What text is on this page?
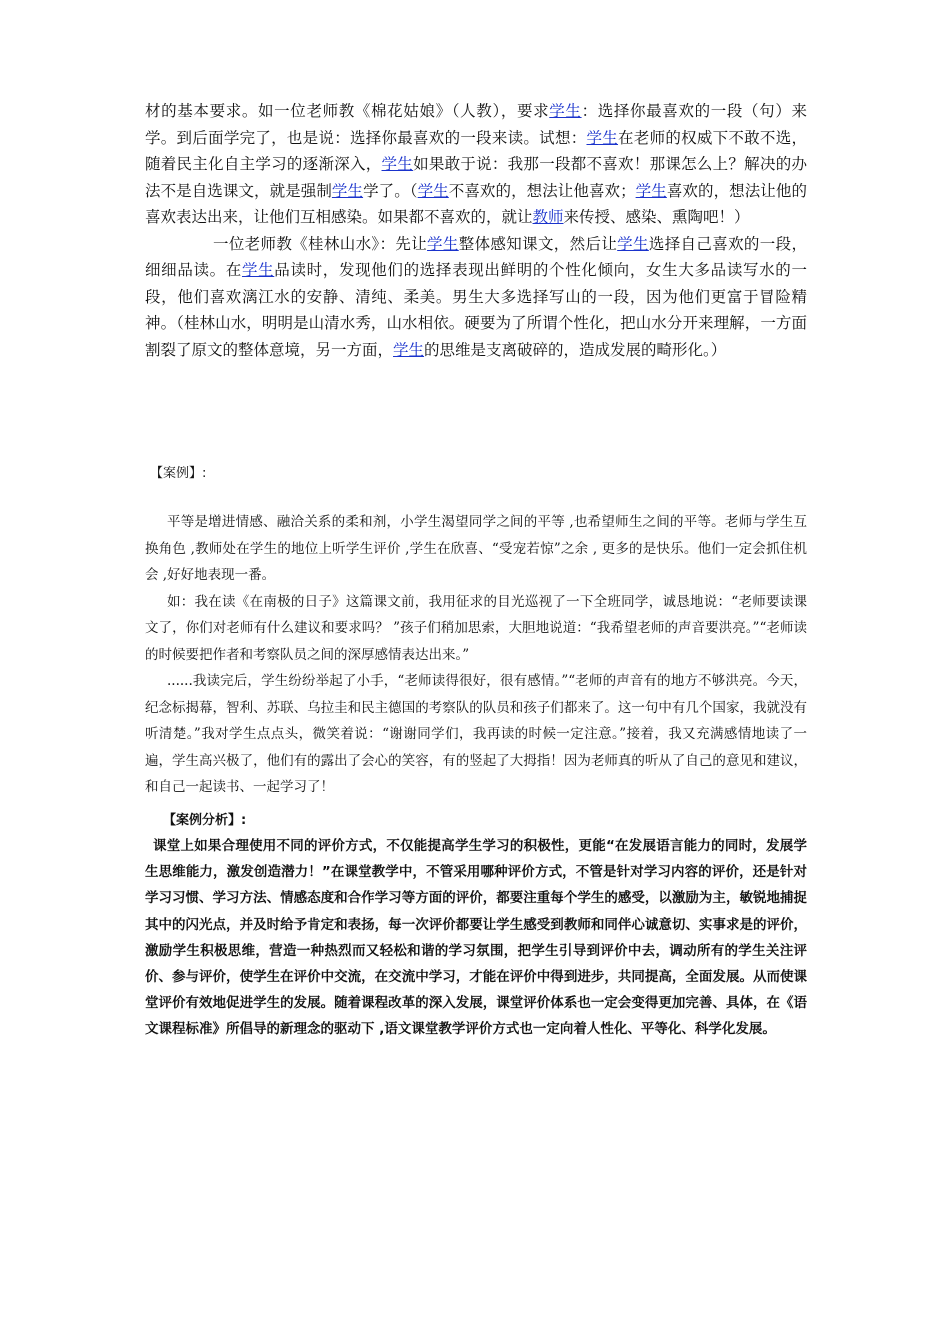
材的基本要求。如一位老师教《棉花姑娘》（人教），要求学生：选择你最喜欢的一段（句）来学。到后面学完了，也是说：选择你最喜欢的一段来读。试想：学生在老师的权威下不敢不选，随着民主化自主学习的逐渐深入，学生如果敢于说：我那一段都不喜欢！那课怎么上？解决的办法不是自选课文，就是强制学生学了。（学生不喜欢的，想法让他喜欢；学生喜欢的，想法让他的喜欢表达出来，让他们互相感染。如果都不喜欢的，就让教师来传授、感染、熏陶吧！）

一位老师教《桂林山水》：先让学生整体感知课文，然后让学生选择自己喜欢的一段，细细品读。在学生品读时，发现他们的选择表现出鲜明的个性化倾向，女生大多品读写水的一段，他们喜欢漓江水的安静、清纯、柔美。男生大多选择写山的一段，因为他们更富于冒险精神。（桂林山水，明明是山清水秀，山水相依。硬要为了所谓个性化，把山水分开来理解，一方面割裂了原文的整体意境，另一方面，学生的思维是支离破碎的，造成发展的畸形化。）

【案例】:

平等是增进情感、融洽关系的柔和剂，小学生渴望同学之间的平等 ,也希望师生之间的平等。老师与学生互换角色 ,教师处在学生的地位上听学生评价 ,学生在欣喜、“受宠若惊”之余 , 更多的是快乐。他们一定会抓住机会 ,好好地表现一番。

如：我在读《在南极的日子》这篇课文前，我用征求的目光巡视了一下全班同学，诚恳地说：“老师要读课文了，你们对老师有什么建议和要求吗？ ”孩子们稍加思索，大胆地说道：“我希望老师的声音要洪亮。”“老师读的时候要把作者和考察队员之间的深厚感情表达出来。”

......我读完后，学生纷纷举起了小手，“老师读得很好，很有感情。”“老师的声音有的地方不够洪亮。今天，纪念标揭幕，智利、苏联、乌拉圭和民主德国的考察队的队员和孩子们都来了。这一句中有几个国家，我就没有听清楚。”我对学生点点头，微笑着说：“谢谢同学们，我再读的时候一定注意。”接着，我又充满感情地读了一遍，学生高兴极了，他们有的露出了会心的笑容，有的竖起了大拇指！因为老师真的听从了自己的意见和建议，和自己一起读书、一起学习了！

【案例分析】:

课堂上如果合理使用不同的评价方式，不仅能提高学生学习的积极性，更能“在发展语言能力的同时，发展学生思维能力，激发创造潜力！”在课堂教学中，不管采用哪种评价方式，不管是针对学习内容的评价，还是针对学习习惯、学习方法、情感态度和合作学习等方面的评价，都要注重每个学生的感受，以激励为主，敏锐地捕捉其中的闪光点，并及时给予肯定和表扬，每一次评价都要让学生感受到教师和同伴心诚意切、实事求是的评价，激励学生积极思维，营造一种热烈而又轻松和谐的学习氛围，把学生引导到评价中去，调动所有的学生关注评价、参与评价，使学生在评价中交流，在交流中学习，才能在评价中得到进步，共同提高，全面发展。从而使课堂评价有效地促进学生的发展。随着课程改革的深入发展，课堂评价体系也一定会变得更加完善、具体，在《语文课程标准》所倡导的新理念的驱动下 ,语文课堂教学评价方式也一定向着人性化、平等化、科学化发展。
